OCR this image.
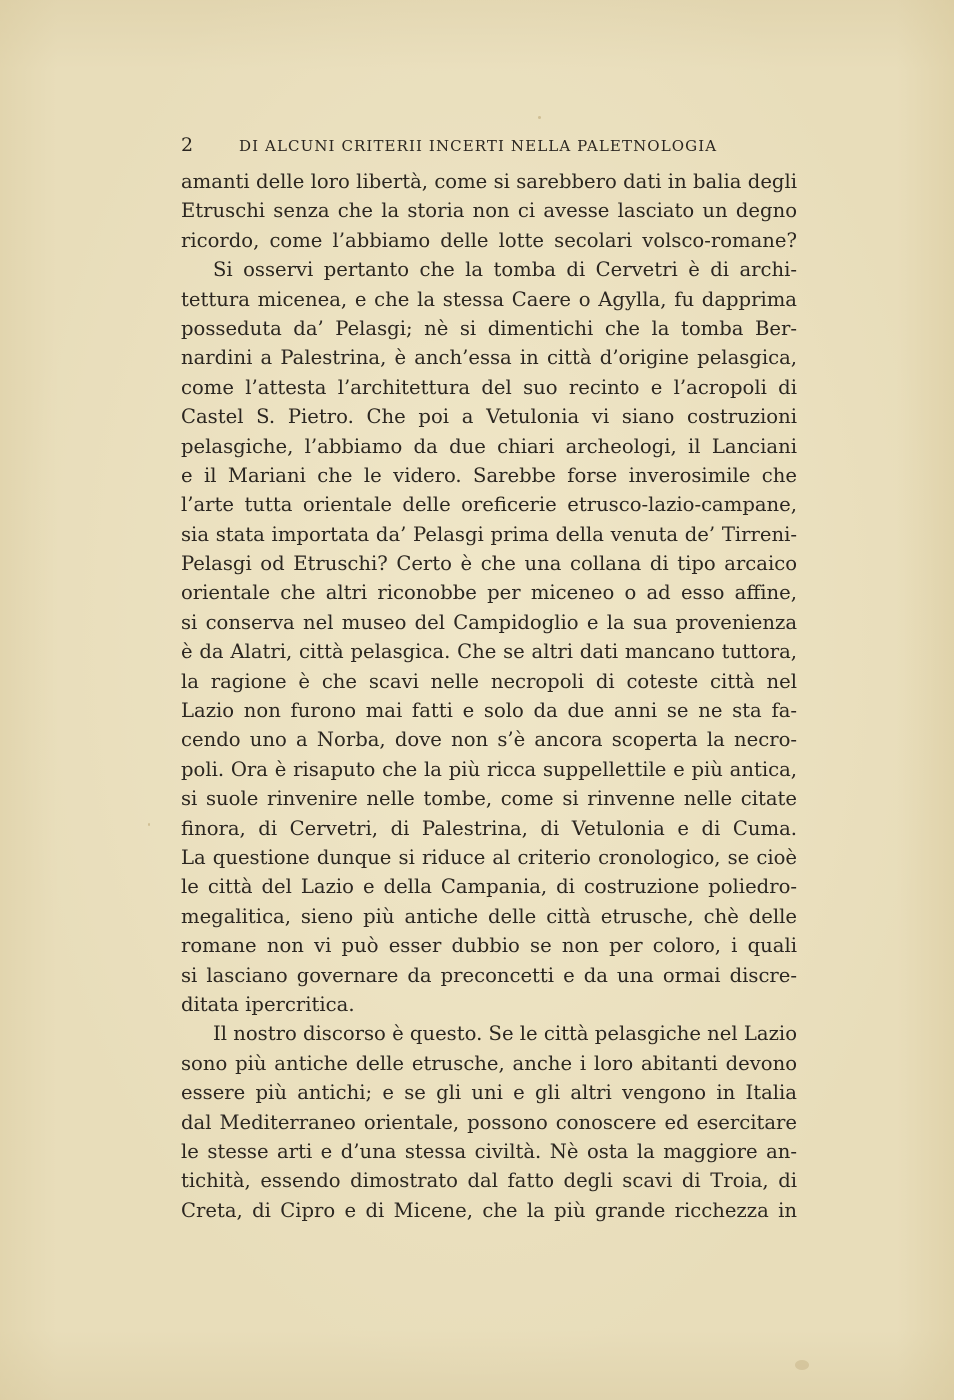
2	DI ALCUNI CRITERII INCERTI NELLA PALETNOLOGIA
amanti delle loro libertà, come si sarebbero dati in balia degli
Etruschi senza che la storia non ci avesse lasciato un degno
ricordo, come l’abbiamo delle lotte secolari volsco-romane?
Si osservi pertanto che la tomba di Cervetri è di archi-
tettura micenea, e che la stessa Caere o Agylla, fu dapprima
posseduta da’ Pelasgi; nè si dimentichi che la tomba Ber-
nardini a Palestrina, è anch’essa in città d’origine pelasgica,
come l’attesta l’architettura del suo recinto e l’acropoli di
Castel S. Pietro. Che poi a Vetulonia vi siano costruzioni
pelasgiche, l’abbiamo da due chiari archeologi, il Lanciani
e il Mariani che le videro. Sarebbe forse inverosimile che
l’arte tutta orientale delle oreficerie etrusco-lazio-campane,
sia stata importata da’ Pelasgi prima della venuta de’ Tirreni-
Pelasgi od Etruschi? Certo è che una collana di tipo arcaico
orientale che altri riconobbe per miceneo o ad esso affine,
si conserva nel museo del Campidoglio e la sua provenienza
è da Alatri, città pelasgica. Che se altri dati mancano tuttora,
la ragione è che scavi nelle necropoli di coteste città nel
Lazio non furono mai fatti e solo da due anni se ne sta fa-
cendo uno a Norba, dove non s’è ancora scoperta la necro-
poli. Ora è risaputo che la più ricca suppellettile e più antica,
si suole rinvenire nelle tombe, come si rinvenne nelle citate
finora, di Cervetri, di Palestrina, di Vetulonia e di Cuma.
La questione dunque si riduce al criterio cronologico, se cioè
le città del Lazio e della Campania, di costruzione poliedro-
megalitica, sieno più antiche delle città etrusche, chè delle
romane non vi può esser dubbio se non per coloro, i quali
si lasciano governare da preconcetti e da una ormai discre-
ditata ipercritica.
Il nostro discorso è questo. Se le città pelasgiche nel Lazio
sono più antiche delle etrusche, anche i loro abitanti devono
essere più antichi; e se gli uni e gli altri vengono in Italia
dal Mediterraneo orientale, possono conoscere ed esercitare
le stesse arti e d’una stessa civiltà. Nè osta la maggiore an-
tichità, essendo dimostrato dal fatto degli scavi di Troia, di
Creta, di Cipro e di Micene, che la più grande ricchezza in
